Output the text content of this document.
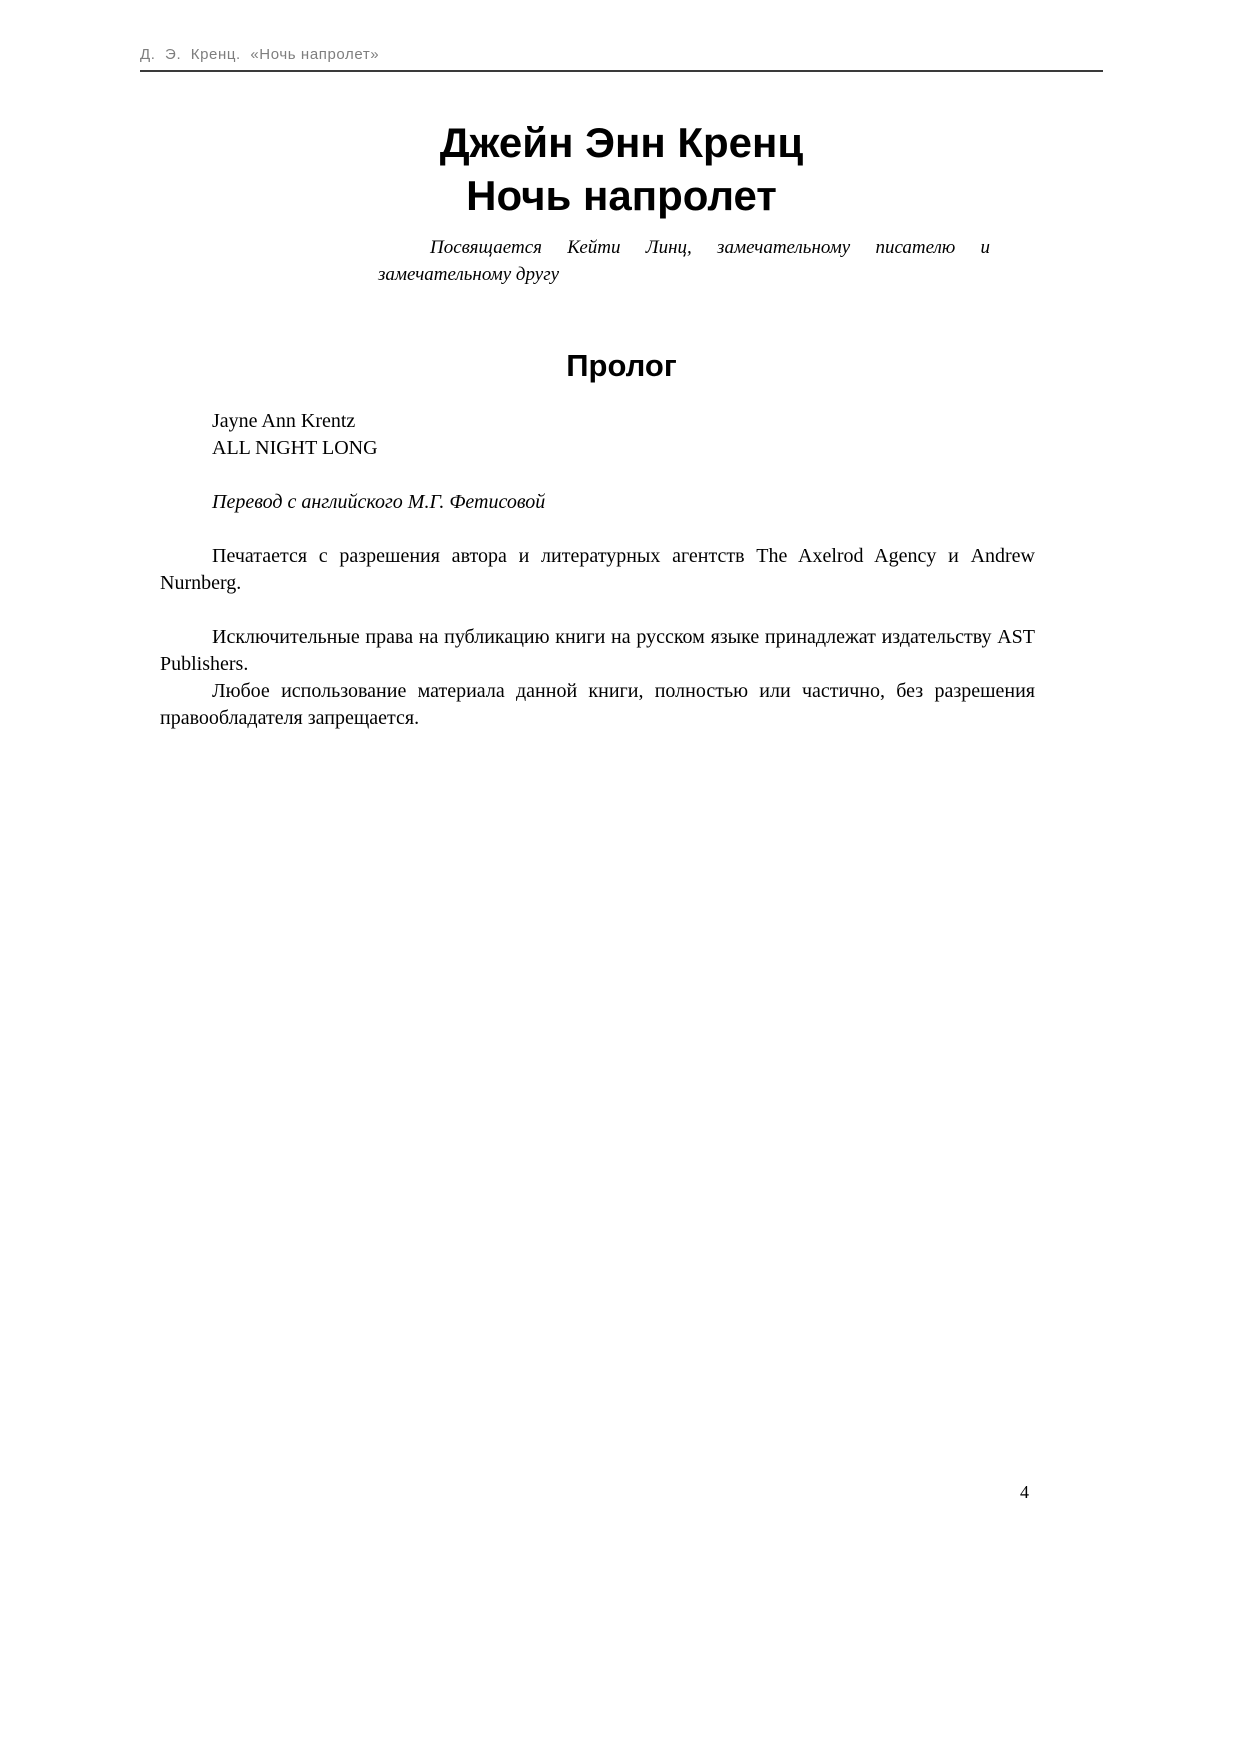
Д.  Э.  Кренц.  «Ночь напролет»
Джейн Энн Кренц
Ночь напролет
Посвящается Кейти Линц, замечательному писателю и
замечательному другу
Пролог

Jayne Ann Krentz

ALL NIGHT LONG

Перевод с английского М.Г. Фетисовой

Печатается с разрешения автора и литературных агентств The Axelrod Agency и Andrew Nurnberg.

Исключительные права на публикацию книги на русском языке принадлежат издательству AST Publishers.

Любое использование материала данной книги, полностью или частично, без разрешения правообладателя запрещается.

4
